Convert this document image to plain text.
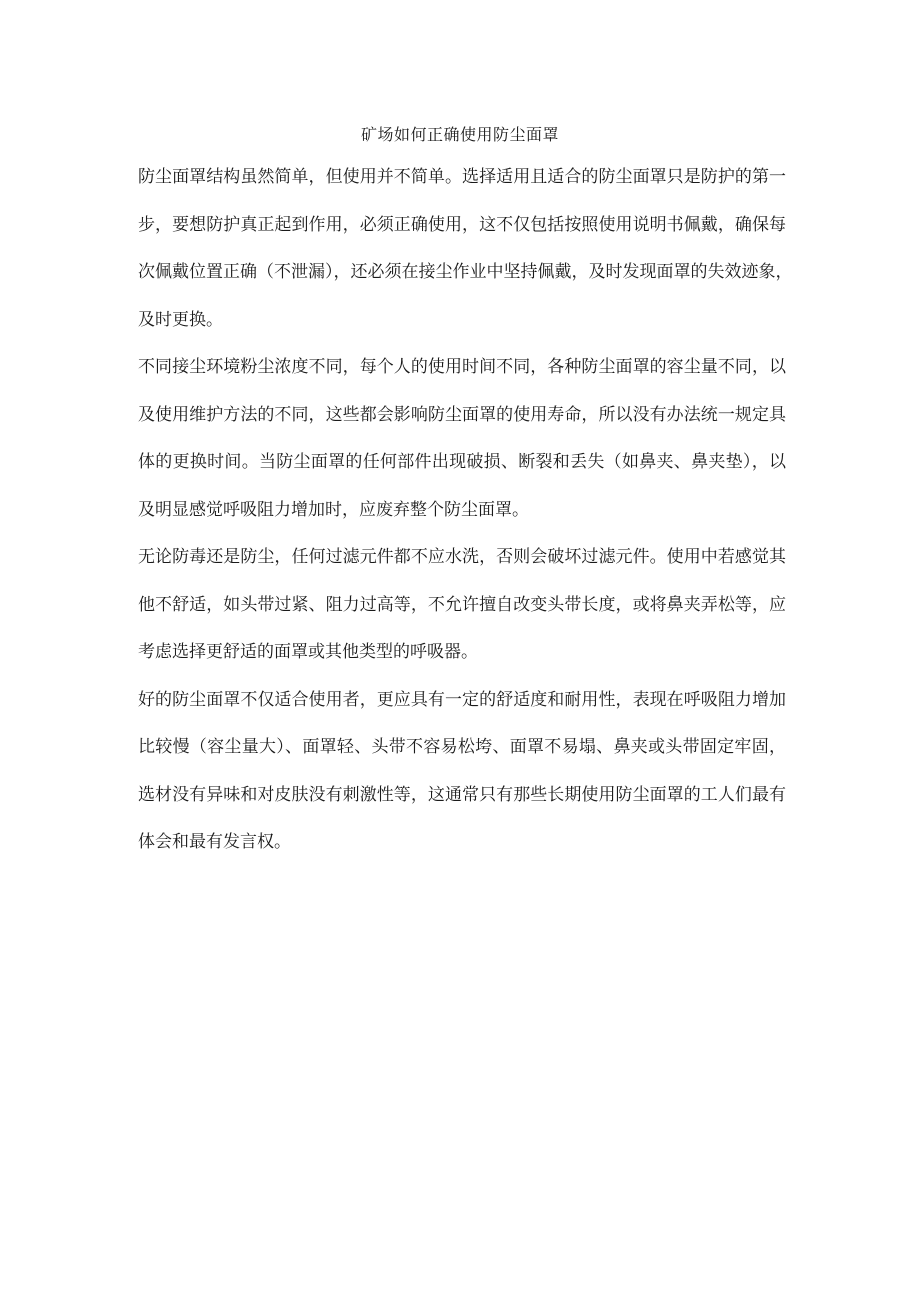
矿场如何正确使用防尘面罩
防尘面罩结构虽然简单，但使用并不简单。选择适用且适合的防尘面罩只是防护的第一
步，要想防护真正起到作用，必须正确使用，这不仅包括按照使用说明书佩戴，确保每
次佩戴位置正确（不泄漏），还必须在接尘作业中坚持佩戴，及时发现面罩的失效迹象，
及时更换。
不同接尘环境粉尘浓度不同，每个人的使用时间不同，各种防尘面罩的容尘量不同，以
及使用维护方法的不同，这些都会影响防尘面罩的使用寿命，所以没有办法统一规定具
体的更换时间。当防尘面罩的任何部件出现破损、断裂和丢失（如鼻夹、鼻夹垫），以
及明显感觉呼吸阻力增加时，应废弃整个防尘面罩。
无论防毒还是防尘，任何过滤元件都不应水洗，否则会破坏过滤元件。使用中若感觉其
他不舒适，如头带过紧、阻力过高等，不允许擅自改变头带长度，或将鼻夹弄松等，应
考虑选择更舒适的面罩或其他类型的呼吸器。
好的防尘面罩不仅适合使用者，更应具有一定的舒适度和耐用性，表现在呼吸阻力增加
比较慢（容尘量大）、面罩轻、头带不容易松垮、面罩不易塌、鼻夹或头带固定牢固，
选材没有异味和对皮肤没有刺激性等，这通常只有那些长期使用防尘面罩的工人们最有
体会和最有发言权。
